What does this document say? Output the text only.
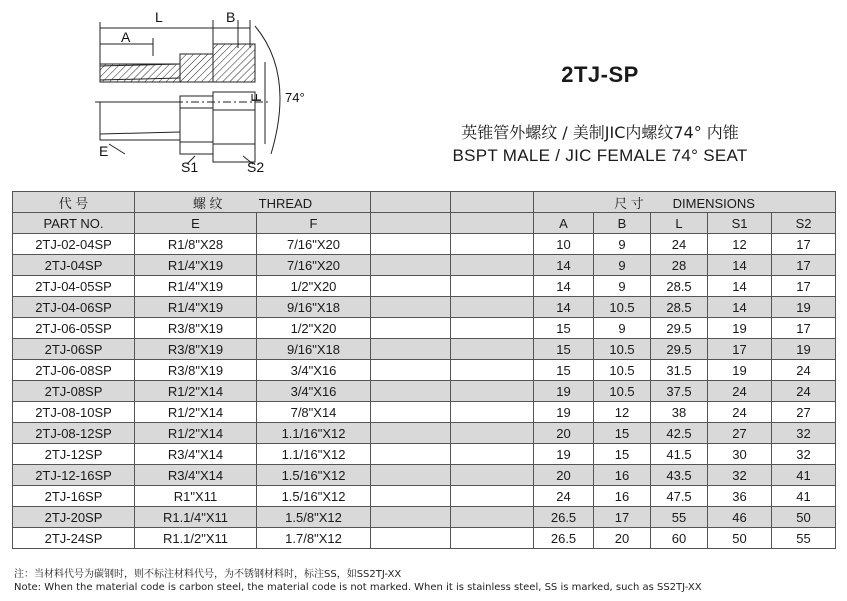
L	B
A
E
F
S1	S2
74°
2TJ-SP
英锥管外螺纹 / 美制JIC内螺纹74° 内锥
BSPT MALE / JIC FEMALE 74° SEAT
代 号	螺 纹 THREAD				尺 寸 DIMENSIONS				
PART NO.	E	F			A	B	L	S1	S2
2TJ-02-04SP	R1/8"X28	7/16"X20			10	9	24	12	17
2TJ-04SP	R1/4"X19	7/16"X20			14	9	28	14	17
2TJ-04-05SP	R1/4"X19	1/2"X20			14	9	28.5	14	17
2TJ-04-06SP	R1/4"X19	9/16"X18			14	10.5	28.5	14	19
2TJ-06-05SP	R3/8"X19	1/2"X20			15	9	29.5	19	17
2TJ-06SP	R3/8"X19	9/16"X18			15	10.5	29.5	17	19
2TJ-06-08SP	R3/8"X19	3/4"X16			15	10.5	31.5	19	24
2TJ-08SP	R1/2"X14	3/4"X16			19	10.5	37.5	24	24
2TJ-08-10SP	R1/2"X14	7/8"X14			19	12	38	24	27
2TJ-08-12SP	R1/2"X14	1.1/16"X12			20	15	42.5	27	32
2TJ-12SP	R3/4"X14	1.1/16"X12			19	15	41.5	30	32
2TJ-12-16SP	R3/4"X14	1.5/16"X12			20	16	43.5	32	41
2TJ-16SP	R1"X11	1.5/16"X12			24	16	47.5	36	41
2TJ-20SP	R1.1/4"X11	1.5/8"X12			26.5	17	55	46	50
2TJ-24SP	R1.1/2"X11	1.7/8"X12			26.5	20	60	50	55
注：当材料代号为碳钢时，则不标注材料代号，为不锈钢材料时，标注SS，如SS2TJ-XX
Note: When the material code is carbon steel, the material code is not marked. When it is stainless steel, SS is marked, such as SS2TJ-XX
